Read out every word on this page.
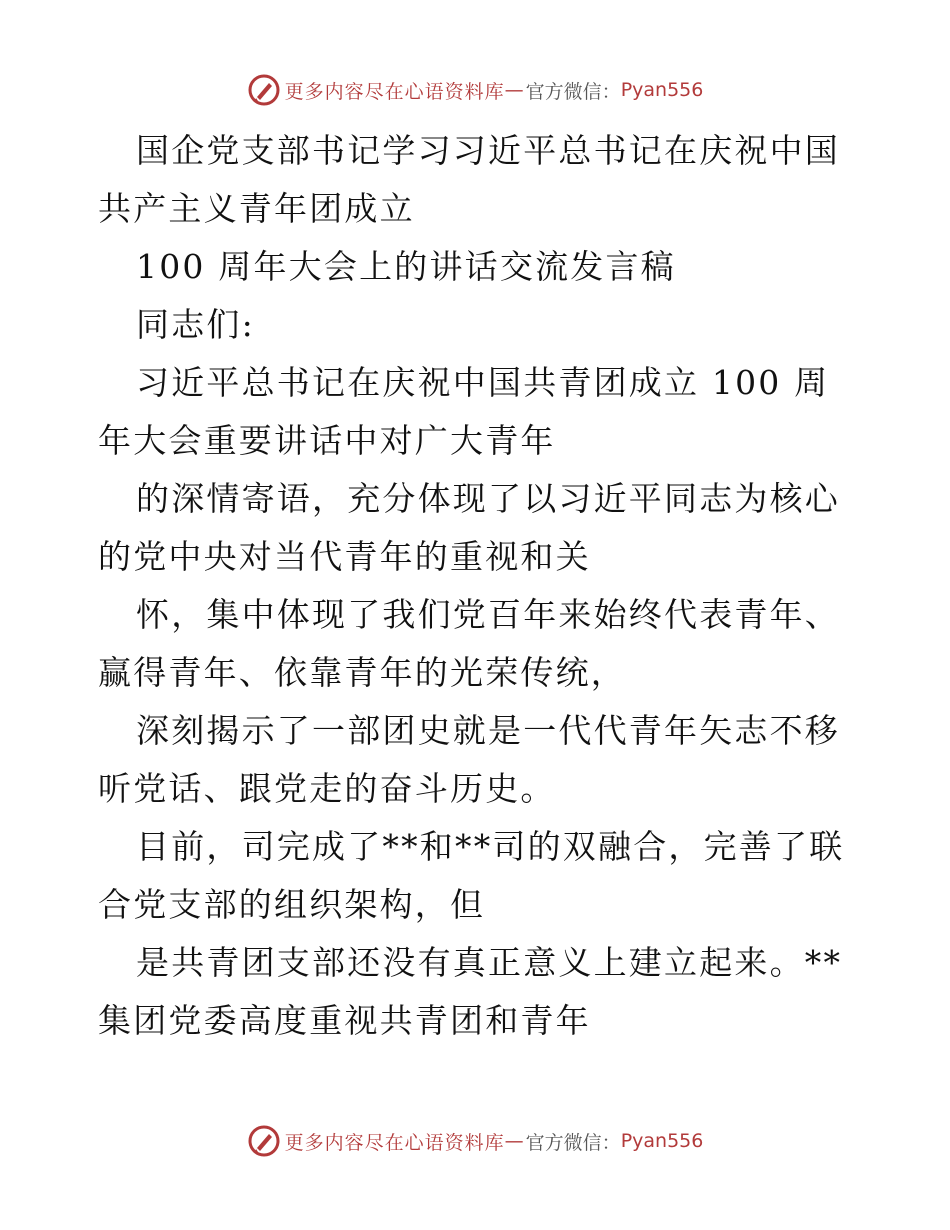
更多内容尽在心语资料库 — 官方微信： Pyan556

国企党支部书记学习习近平总书记在庆祝中国共产主义青年团成立

100 周年大会上的讲话交流发言稿

同志们:

习近平总书记在庆祝中国共青团成立 100 周年大会重要讲话中对广大青年

的深情寄语，充分体现了以习近平同志为核心的党中央对当代青年的重视和关

怀，集中体现了我们党百年来始终代表青年、赢得青年、依靠青年的光荣传统，

深刻揭示了一部团史就是一代代青年矢志不移听党话、跟党走的奋斗历史。

目前，司完成了**和**司的双融合，完善了联合党支部的组织架构，但

是共青团支部还没有真正意义上建立起来。**集团党委高度重视共青团和青年

更多内容尽在心语资料库 — 官方微信： Pyan556
